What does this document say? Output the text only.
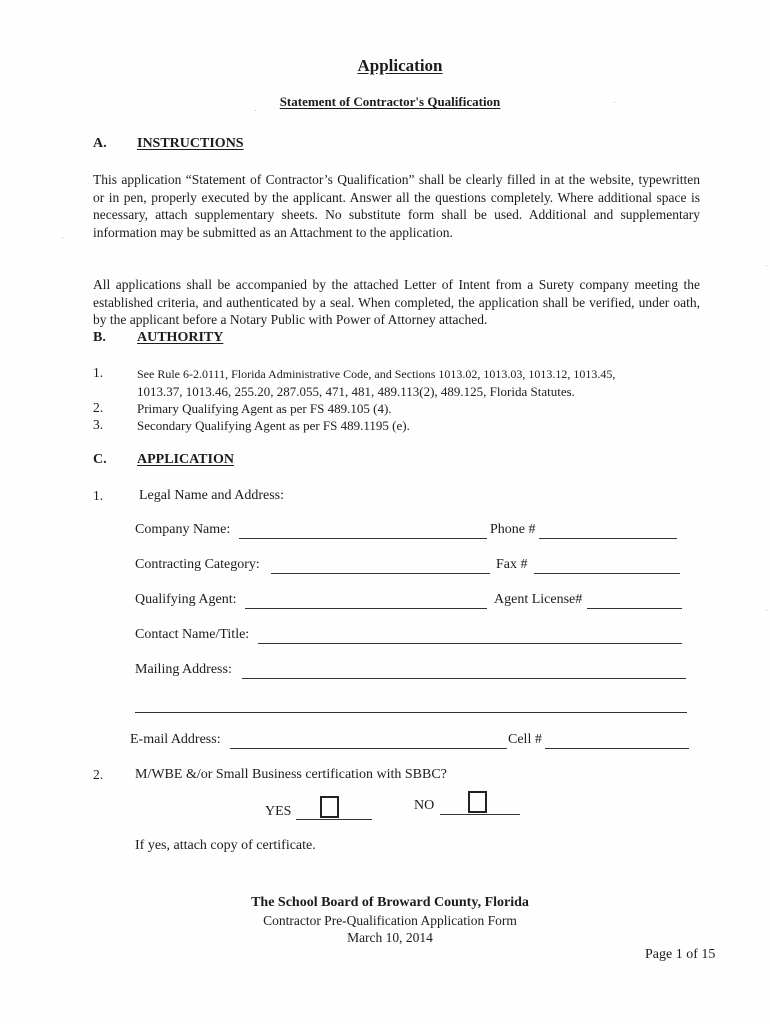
Application
Statement of Contractor's Qualification
A. INSTRUCTIONS
This application “Statement of Contractor’s Qualification” shall be clearly filled in at the website, typewritten or in pen, properly executed by the applicant. Answer all the questions completely. Where additional space is necessary, attach supplementary sheets. No substitute form shall be used. Additional and supplementary information may be submitted as an Attachment to the application.
All applications shall be accompanied by the attached Letter of Intent from a Surety company meeting the established criteria, and authenticated by a seal. When completed, the application shall be verified, under oath, by the applicant before a Notary Public with Power of Attorney attached.
B. AUTHORITY
1.	See Rule 6-2.0111, Florida Administrative Code, and Sections 1013.02, 1013.03, 1013.12, 1013.45,
1013.37, 1013.46, 255.20, 287.055, 471, 481, 489.113(2), 489.125, Florida Statutes.
2.	Primary Qualifying Agent as per FS 489.105 (4).
3.	Secondary Qualifying Agent as per FS 489.1195 (e).
C. APPLICATION
1.	Legal Name and Address:
Company Name:	Phone #
Contracting Category:	Fax #
Qualifying Agent:	Agent License#
Contact Name/Title:
Mailing Address:
E-mail Address:	Cell #
2. M/WBE &/or Small Business certification with SBBC?
YES	NO
If yes, attach copy of certificate.
The School Board of Broward County, Florida
Contractor Pre-Qualification Application Form
March 10, 2014
Page 1 of 15
